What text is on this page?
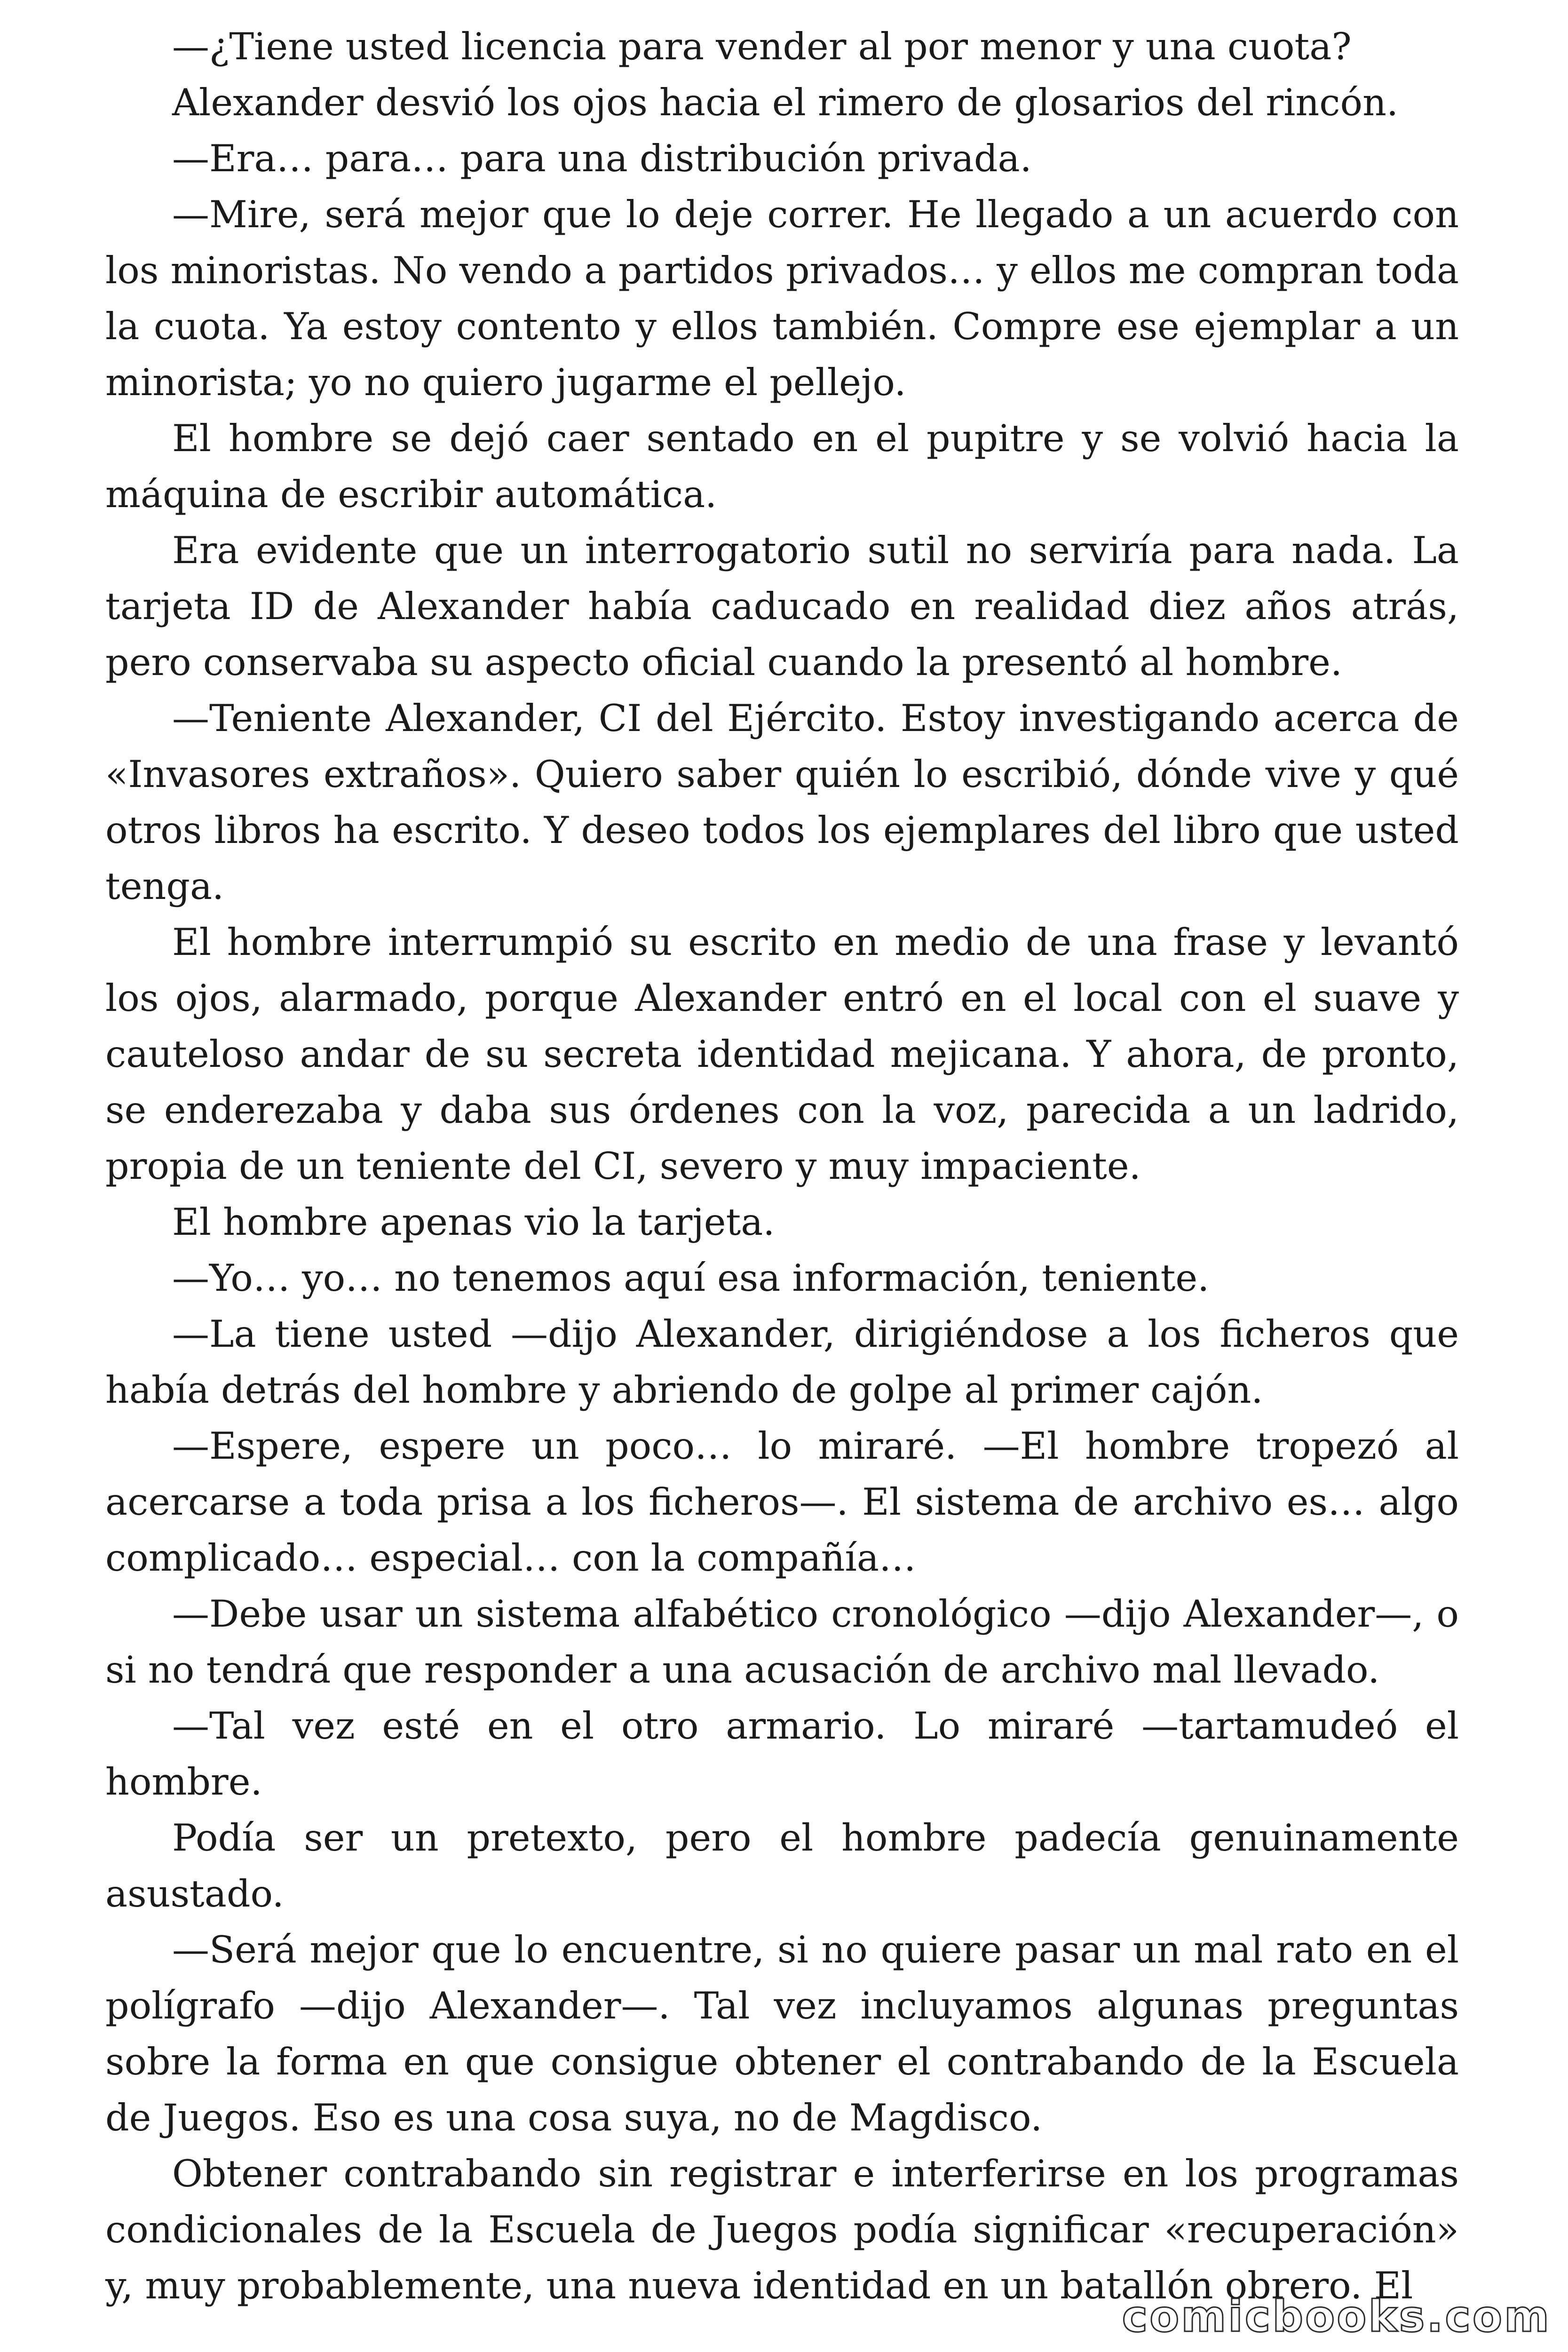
—¿Tiene usted licencia para vender al por menor y una cuota?

Alexander desvió los ojos hacia el rimero de glosarios del rincón.

—Era… para… para una distribución privada.

—Mire, será mejor que lo deje correr. He llegado a un acuerdo con los minoristas. No vendo a partidos privados… y ellos me compran toda la cuota. Ya estoy contento y ellos también. Compre ese ejemplar a un minorista; yo no quiero jugarme el pellejo.

El hombre se dejó caer sentado en el pupitre y se volvió hacia la máquina de escribir automática.

Era evidente que un interrogatorio sutil no serviría para nada. La tarjeta ID de Alexander había caducado en realidad diez años atrás, pero conservaba su aspecto oficial cuando la presentó al hombre.

—Teniente Alexander, CI del Ejército. Estoy investigando acerca de «Invasores extraños». Quiero saber quién lo escribió, dónde vive y qué otros libros ha escrito. Y deseo todos los ejemplares del libro que usted tenga.

El hombre interrumpió su escrito en medio de una frase y levantó los ojos, alarmado, porque Alexander entró en el local con el suave y cauteloso andar de su secreta identidad mejicana. Y ahora, de pronto, se enderezaba y daba sus órdenes con la voz, parecida a un ladrido, propia de un teniente del CI, severo y muy impaciente.

El hombre apenas vio la tarjeta.

—Yo… yo… no tenemos aquí esa información, teniente.

—La tiene usted —dijo Alexander, dirigiéndose a los ficheros que había detrás del hombre y abriendo de golpe al primer cajón.

—Espere, espere un poco… lo miraré. —El hombre tropezó al acercarse a toda prisa a los ficheros—. El sistema de archivo es… algo complicado… especial… con la compañía…

—Debe usar un sistema alfabético cronológico —dijo Alexander—, o si no tendrá que responder a una acusación de archivo mal llevado.

—Tal vez esté en el otro armario. Lo miraré —tartamudeó el hombre.

Podía ser un pretexto, pero el hombre padecía genuinamente asustado.

—Será mejor que lo encuentre, si no quiere pasar un mal rato en el polígrafo —dijo Alexander—. Tal vez incluyamos algunas preguntas sobre la forma en que consigue obtener el contrabando de la Escuela de Juegos. Eso es una cosa suya, no de Magdisco.

Obtener contrabando sin registrar e interferirse en los programas condicionales de la Escuela de Juegos podía significar «recuperación» y, muy probablemente, una nueva identidad en un batallón obrero. El

comicbooks.com
